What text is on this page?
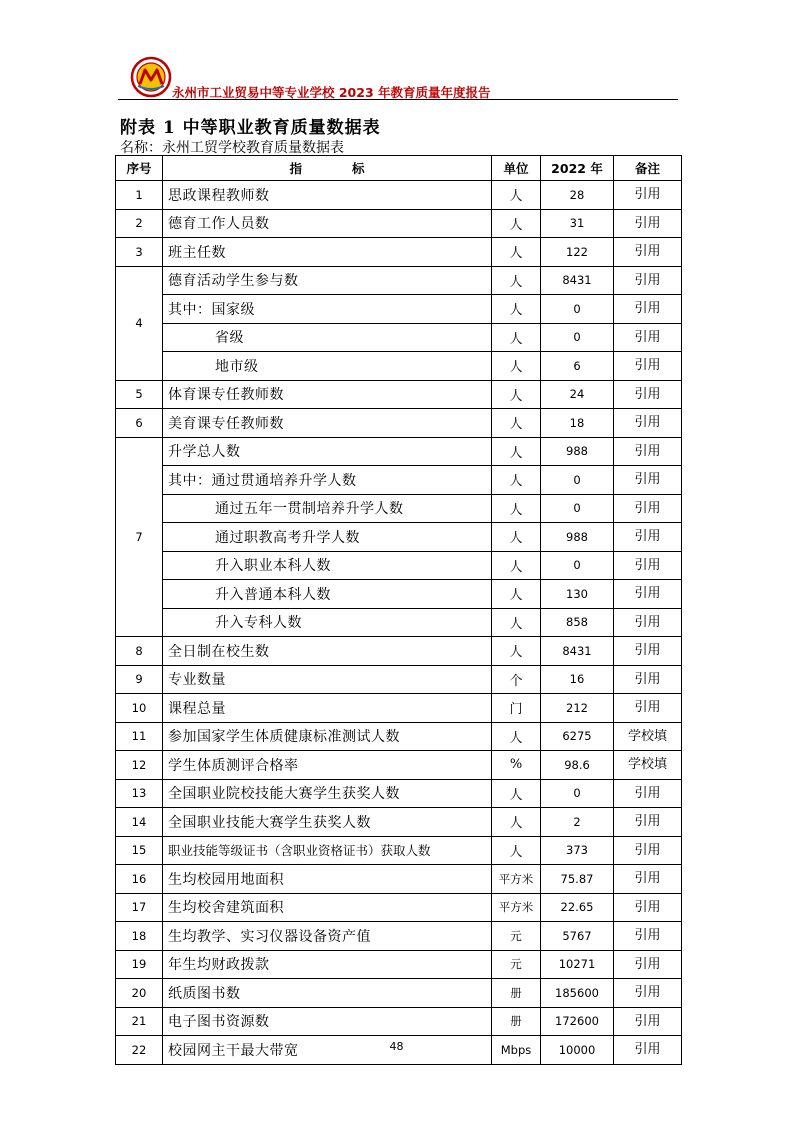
永州市工业贸易中等专业学校 2023 年教育质量年度报告
附表 1 中等职业教育质量数据表
名称：永州工贸学校教育质量数据表
序号	指　　　　标	单位	2022 年	备注
1	思政课程教师数	人	28	引用
2	德育工作人员数	人	31	引用
3	班主任数	人	122	引用
4	德育活动学生参与数	人	8431	引用
	其中：国家级	人	0	引用
	省级	人	0	引用
	地市级	人	6	引用
5	体育课专任教师数	人	24	引用
6	美育课专任教师数	人	18	引用
7	升学总人数	人	988	引用
	其中：通过贯通培养升学人数	人	0	引用
	通过五年一贯制培养升学人数	人	0	引用
	通过职教高考升学人数	人	988	引用
	升入职业本科人数	人	0	引用
	升入普通本科人数	人	130	引用
	升入专科人数	人	858	引用
8	全日制在校生数	人	8431	引用
9	专业数量	个	16	引用
10	课程总量	门	212	引用
11	参加国家学生体质健康标准测试人数	人	6275	学校填
12	学生体质测评合格率	%	98.6	学校填
13	全国职业院校技能大赛学生获奖人数	人	0	引用
14	全国职业技能大赛学生获奖人数	人	2	引用
15	职业技能等级证书（含职业资格证书）获取人数	人	373	引用
16	生均校园用地面积	平方米	75.87	引用
17	生均校舍建筑面积	平方米	22.65	引用
18	生均教学、实习仪器设备资产值	元	5767	引用
19	年生均财政拨款	元	10271	引用
20	纸质图书数	册	185600	引用
21	电子图书资源数	册	172600	引用
22	校园网主干最大带宽	Mbps	10000	引用
48
